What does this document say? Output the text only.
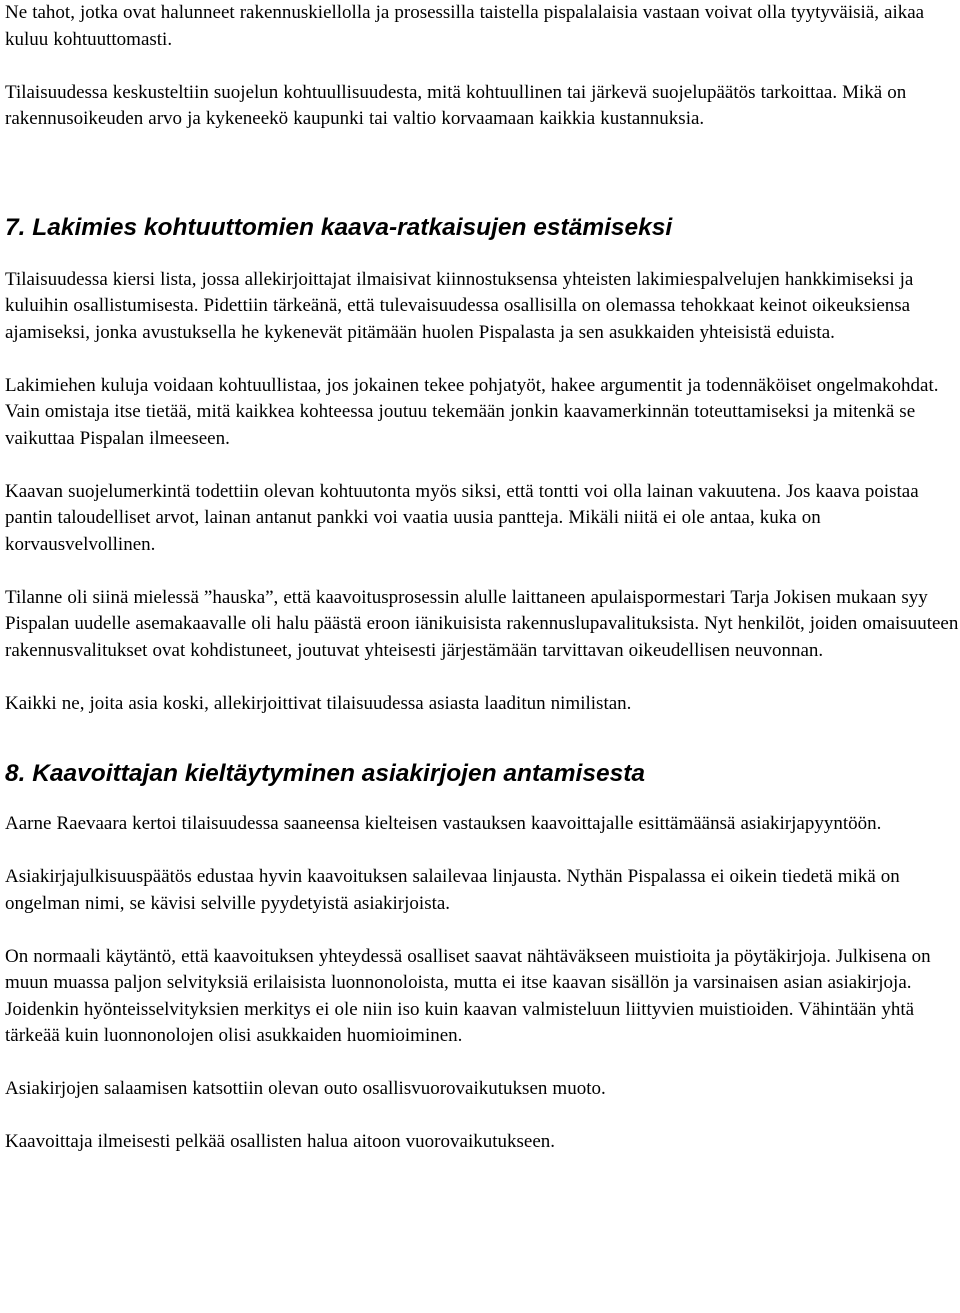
Ne tahot, jotka ovat halunneet rakennuskiellolla ja prosessilla taistella pispalalaisia vastaan voivat olla tyytyväisiä, aikaa kuluu kohtuuttomasti.

Tilaisuudessa keskusteltiin suojelun kohtuullisuudesta, mitä kohtuullinen tai järkevä suojelupäätös tarkoittaa. Mikä on rakennusoikeuden arvo ja kykeneekö kaupunki tai valtio korvaamaan kaikkia kustannuksia.

7. Lakimies kohtuuttomien kaava-ratkaisujen estämiseksi

Tilaisuudessa kiersi lista, jossa allekirjoittajat ilmaisivat kiinnostuksensa yhteisten lakimiespalvelujen hankkimiseksi ja kuluihin osallistumisesta. Pidettiin tärkeänä, että tulevaisuudessa osallisilla on olemassa tehokkaat keinot oikeuksiensa ajamiseksi, jonka avustuksella he kykenevät pitämään huolen Pispalasta ja sen asukkaiden yhteisistä eduista.

Lakimiehen kuluja voidaan kohtuullistaa, jos jokainen tekee pohjatyöt, hakee argumentit ja todennäköiset ongelmakohdat. Vain omistaja itse tietää, mitä kaikkea kohteessa joutuu tekemään jonkin kaavamerkinnän toteuttamiseksi ja mitenkä se vaikuttaa Pispalan ilmeeseen.

Kaavan suojelumerkintä todettiin olevan kohtuutonta myös siksi, että tontti voi olla lainan vakuutena. Jos kaava poistaa pantin taloudelliset arvot, lainan antanut pankki voi vaatia uusia pantteja. Mikäli niitä ei ole antaa, kuka on korvausvelvollinen.

Tilanne oli siinä mielessä ”hauska”, että kaavoitusprosessin alulle laittaneen apulaispormestari Tarja Jokisen mukaan syy Pispalan uudelle asemakaavalle oli halu päästä eroon iänikuisista rakennuslupavalituksista. Nyt henkilöt, joiden omaisuuteen rakennusvalitukset ovat kohdistuneet, joutuvat yhteisesti järjestämään tarvittavan oikeudellisen neuvonnan.

Kaikki ne, joita asia koski, allekirjoittivat tilaisuudessa asiasta laaditun nimilistan.

8. Kaavoittajan kieltäytyminen asiakirjojen antamisesta

Aarne Raevaara kertoi tilaisuudessa saaneensa kielteisen vastauksen kaavoittajalle esittämäänsä asiakirjapyyntöön.

Asiakirjajulkisuuspäätös edustaa hyvin kaavoituksen salailevaa linjausta. Nythän Pispalassa ei oikein tiedetä mikä on ongelman nimi, se kävisi selville pyydetyistä asiakirjoista.

On normaali käytäntö, että kaavoituksen yhteydessä osalliset saavat nähtäväkseen muistioita ja pöytäkirjoja. Julkisena on muun muassa paljon selvityksiä erilaisista luonnonoloista, mutta ei itse kaavan sisällön ja varsinaisen asian asiakirjoja. Joidenkin hyönteisselvityksien merkitys ei ole niin iso kuin kaavan valmisteluun liittyvien muistioiden. Vähintään yhtä tärkeää kuin luonnonolojen olisi asukkaiden huomioiminen.

Asiakirjojen salaamisen katsottiin olevan outo osallisvuorovaikutuksen muoto.

Kaavoittaja ilmeisesti pelkää osallisten halua aitoon vuorovaikutukseen.
